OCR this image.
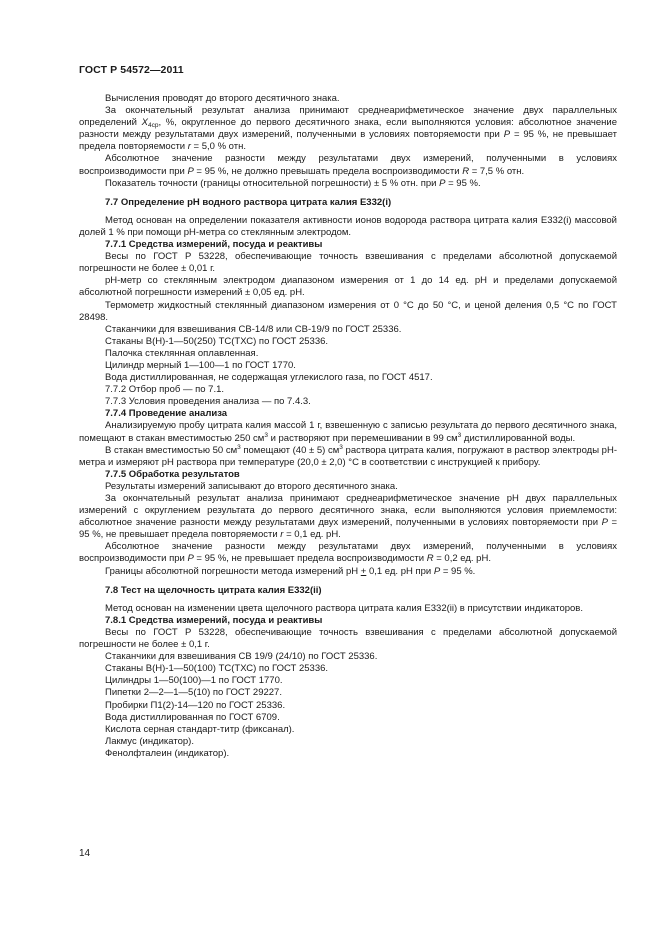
ГОСТ Р 54572—2011

Вычисления проводят до второго десятичного знака.

За окончательный результат анализа принимают среднеарифметическое значение двух параллельных определений $X_{4ср}$, %, округленное до первого десятичного знака, если выполняются условия: абсолютное значение разности между результатами двух измерений, полученными в условиях повторяемости при P = 95 %, не превышает предела повторяемости r = 5,0 % отн.

Абсолютное значение разности между результатами двух измерений, полученными в условиях воспроизводимости при P = 95 %, не должно превышать предела воспроизводимости R = 7,5 % отн.

Показатель точности (границы относительной погрешности) ± 5 % отн. при P = 95 %.

7.7 Определение pH водного раствора цитрата калия Е332(i)

Метод основан на определении показателя активности ионов водорода раствора цитрата калия Е332(i) массовой долей 1 % при помощи pH-метра со стеклянным электродом.

7.7.1 Средства измерений, посуда и реактивы

Весы по ГОСТ Р 53228, обеспечивающие точность взвешивания с пределами абсолютной допускаемой погрешности не более ± 0,01 г.

pH-метр со стеклянным электродом диапазоном измерения от 1 до 14 ед. pH и пределами допускаемой абсолютной погрешности измерений ± 0,05 ед. pH.

Термометр жидкостный стеклянный диапазоном измерения от 0 °С до 50 °С, и ценой деления 0,5 °С по ГОСТ 28498.

Стаканчики для взвешивания СВ-14/8 или СВ-19/9 по ГОСТ 25336.

Стаканы В(Н)-1—50(250) ТС(ТХС) по ГОСТ 25336.

Палочка стеклянная оплавленная.

Цилиндр мерный 1—100—1 по ГОСТ 1770.

Вода дистиллированная, не содержащая углекислого газа, по ГОСТ 4517.

7.7.2 Отбор проб — по 7.1.

7.7.3 Условия проведения анализа — по 7.4.3.

7.7.4 Проведение анализа

Анализируемую пробу цитрата калия массой 1 г, взвешенную с записью результата до первого десятичного знака, помещают в стакан вместимостью 250 $см^3$ и растворяют при перемешивании в 99 $см^3$ дистиллированной воды.

В стакан вместимостью 50 $см^3$ помещают (40 ± 5) $см^3$ раствора цитрата калия, погружают в раствор электроды pH-метра и измеряют pH раствора при температуре (20,0 ± 2,0) °С в соответствии с инструкцией к прибору.

7.7.5 Обработка результатов

Результаты измерений записывают до второго десятичного знака.

За окончательный результат анализа принимают среднеарифметическое значение pH двух параллельных измерений с округлением результата до первого десятичного знака, если выполняются условия приемлемости: абсолютное значение разности между результатами двух измерений, полученными в условиях повторяемости при P = 95 %, не превышает предела повторяемости r = 0,1 ед. pH.

Абсолютное значение разности между результатами двух измерений, полученными в условиях воспроизводимости при P = 95 %, не превышает предела воспроизводимости R = 0,2 ед. pH.

Границы абсолютной погрешности метода измерений pH + 0,1 ед. pH при P = 95 %.

7.8 Тест на щелочность цитрата калия Е332(ii)

Метод основан на изменении цвета щелочного раствора цитрата калия Е332(ii) в присутствии индикаторов.

7.8.1 Средства измерений, посуда и реактивы

Весы по ГОСТ Р 53228, обеспечивающие точность взвешивания с пределами абсолютной допускаемой погрешности не более ± 0,1 г.

Стаканчики для взвешивания СВ 19/9 (24/10) по ГОСТ 25336.

Стаканы В(Н)-1—50(100) ТС(ТХС) по ГОСТ 25336.

Цилиндры 1—50(100)—1 по ГОСТ 1770.

Пипетки 2—2—1—5(10) по ГОСТ 29227.

Пробирки П1(2)-14—120 по ГОСТ 25336.

Вода дистиллированная по ГОСТ 6709.

Кислота серная стандарт-титр (фиксанал).

Лакмус (индикатор).

Фенолфталеин (индикатор).

14
